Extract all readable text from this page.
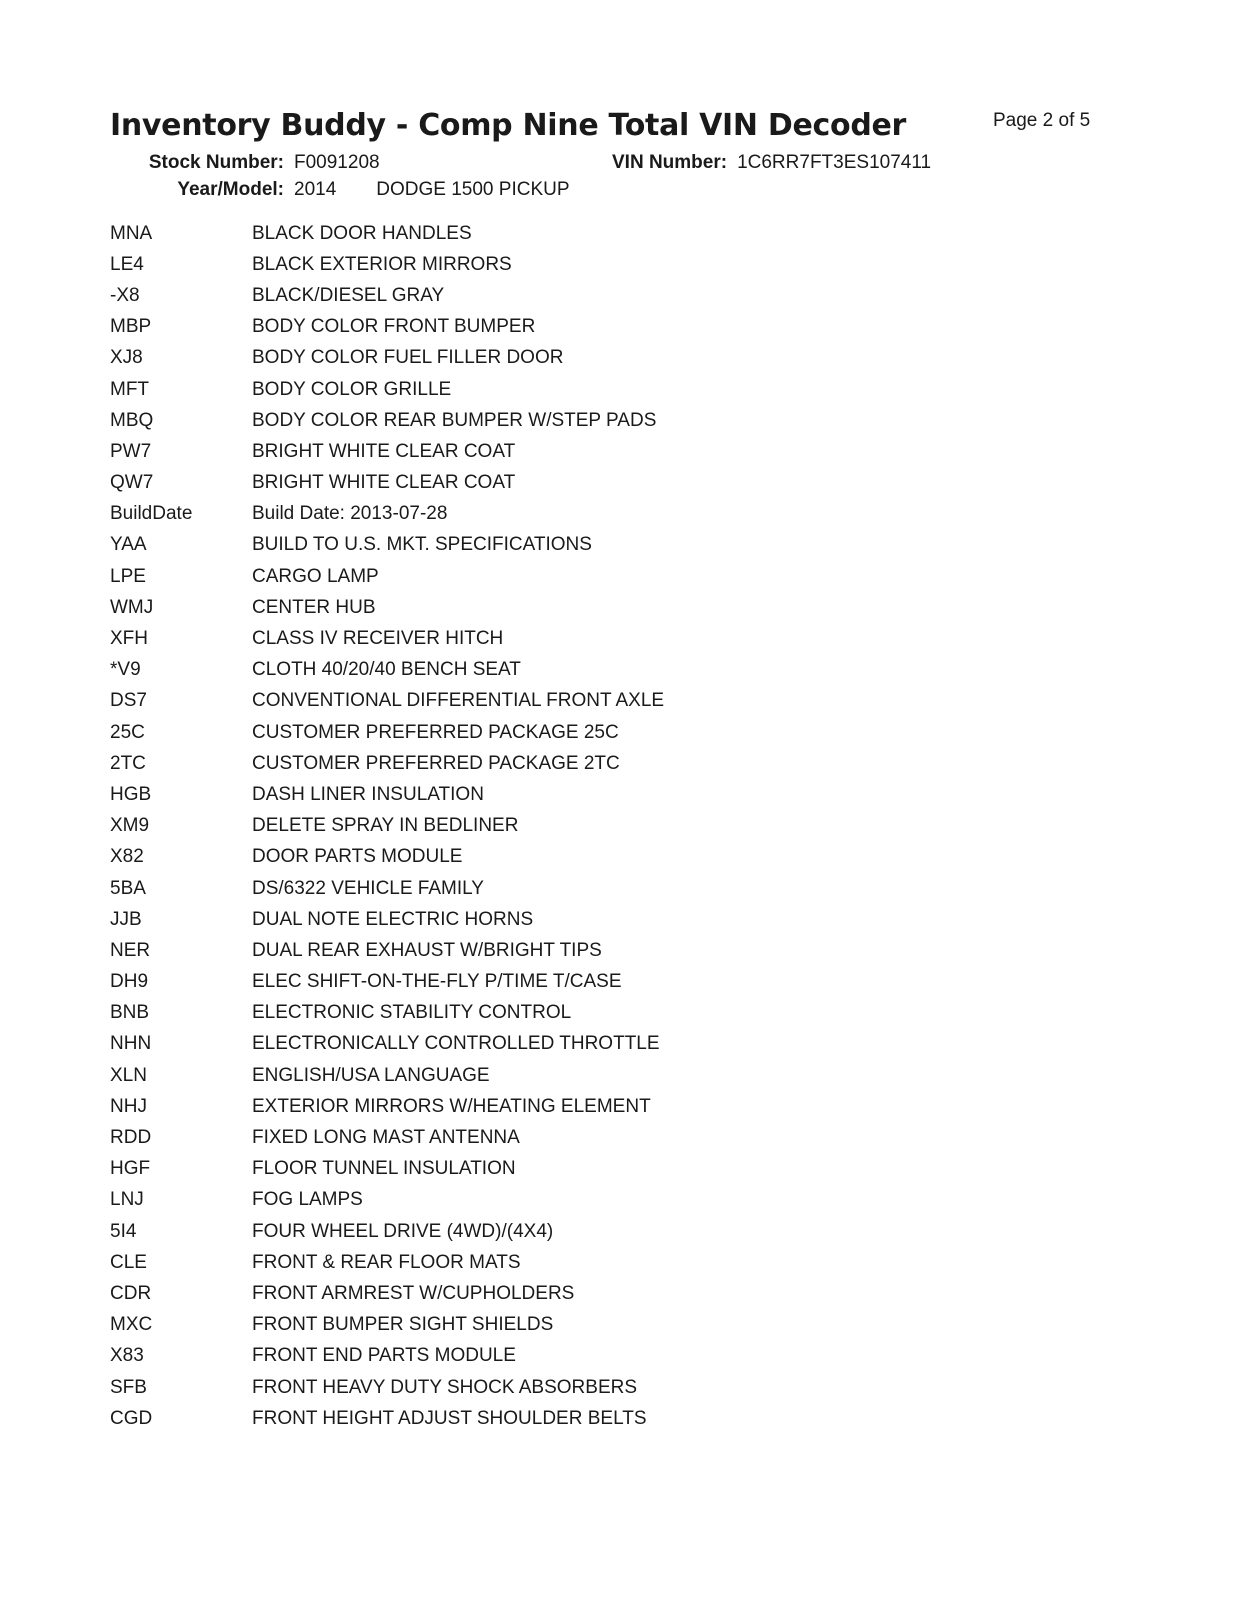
Inventory Buddy - Comp Nine Total VIN Decoder	Page 2 of 5
Stock Number: F0091208	VIN Number: 1C6RR7FT3ES107411
Year/Model: 2014 DODGE 1500 PICKUP
MNA	BLACK DOOR HANDLES
LE4	BLACK EXTERIOR MIRRORS
-X8	BLACK/DIESEL GRAY
MBP	BODY COLOR FRONT BUMPER
XJ8	BODY COLOR FUEL FILLER DOOR
MFT	BODY COLOR GRILLE
MBQ	BODY COLOR REAR BUMPER W/STEP PADS
PW7	BRIGHT WHITE CLEAR COAT
QW7	BRIGHT WHITE CLEAR COAT
BuildDate	Build Date: 2013-07-28
YAA	BUILD TO U.S. MKT. SPECIFICATIONS
LPE	CARGO LAMP
WMJ	CENTER HUB
XFH	CLASS IV RECEIVER HITCH
*V9	CLOTH 40/20/40 BENCH SEAT
DS7	CONVENTIONAL DIFFERENTIAL FRONT AXLE
25C	CUSTOMER PREFERRED PACKAGE 25C
2TC	CUSTOMER PREFERRED PACKAGE 2TC
HGB	DASH LINER INSULATION
XM9	DELETE SPRAY IN BEDLINER
X82	DOOR PARTS MODULE
5BA	DS/6322 VEHICLE FAMILY
JJB	DUAL NOTE ELECTRIC HORNS
NER	DUAL REAR EXHAUST W/BRIGHT TIPS
DH9	ELEC SHIFT-ON-THE-FLY P/TIME T/CASE
BNB	ELECTRONIC STABILITY CONTROL
NHN	ELECTRONICALLY CONTROLLED THROTTLE
XLN	ENGLISH/USA LANGUAGE
NHJ	EXTERIOR MIRRORS W/HEATING ELEMENT
RDD	FIXED LONG MAST ANTENNA
HGF	FLOOR TUNNEL INSULATION
LNJ	FOG LAMPS
5I4	FOUR WHEEL DRIVE (4WD)/(4X4)
CLE	FRONT & REAR FLOOR MATS
CDR	FRONT ARMREST W/CUPHOLDERS
MXC	FRONT BUMPER SIGHT SHIELDS
X83	FRONT END PARTS MODULE
SFB	FRONT HEAVY DUTY SHOCK ABSORBERS
CGD	FRONT HEIGHT ADJUST SHOULDER BELTS
